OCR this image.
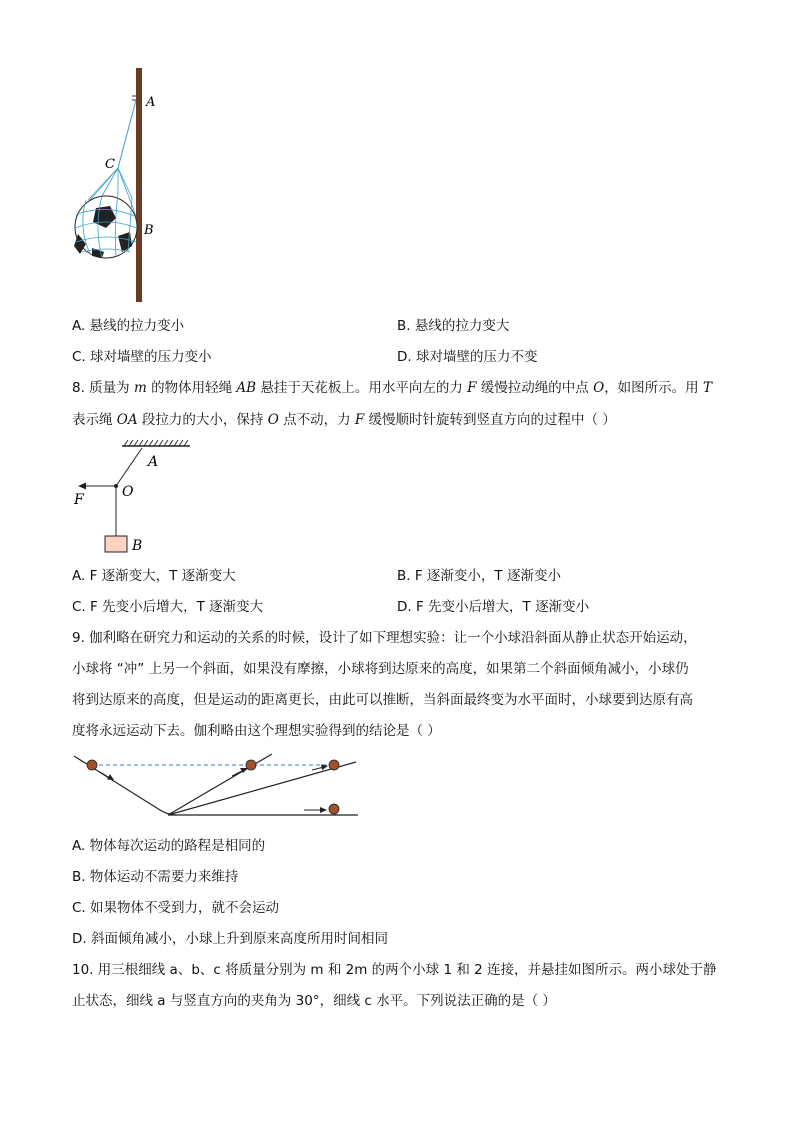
A
C
B
A. 悬线的拉力变小	B. 悬线的拉力变大
C. 球对墙壁的压力变小	D. 球对墙壁的压力不变
8. 质量为 m 的物体用轻绳 AB 悬挂于天花板上。用水平向左的力 F 缓慢拉动绳的中点 O，如图所示。用 T
表示绳 OA 段拉力的大小，保持 O 点不动，力 F 缓慢顺时针旋转到竖直方向的过程中（ ）
A
O
F
B
A. F 逐渐变大，T 逐渐变大	B. F 逐渐变小，T 逐渐变小
C. F 先变小后增大，T 逐渐变大	D. F 先变小后增大，T 逐渐变小
9. 伽利略在研究力和运动的关系的时候，设计了如下理想实验：让一个小球沿斜面从静止状态开始运动，
小球将 “冲” 上另一个斜面，如果没有摩擦，小球将到达原来的高度，如果第二个斜面倾角减小，小球仍
将到达原来的高度，但是运动的距离更长，由此可以推断，当斜面最终变为水平面时，小球要到达原有高
度将永远运动下去。伽利略由这个理想实验得到的结论是（ ）
A. 物体每次运动的路程是相同的
B. 物体运动不需要力来维持
C. 如果物体不受到力，就不会运动
D. 斜面倾角减小，小球上升到原来高度所用时间相同
10. 用三根细线 a、b、c 将质量分别为 m 和 2m 的两个小球 1 和 2 连接，并悬挂如图所示。两小球处于静
止状态，细线 a 与竖直方向的夹角为 30°，细线 c 水平。下列说法正确的是（ ）
